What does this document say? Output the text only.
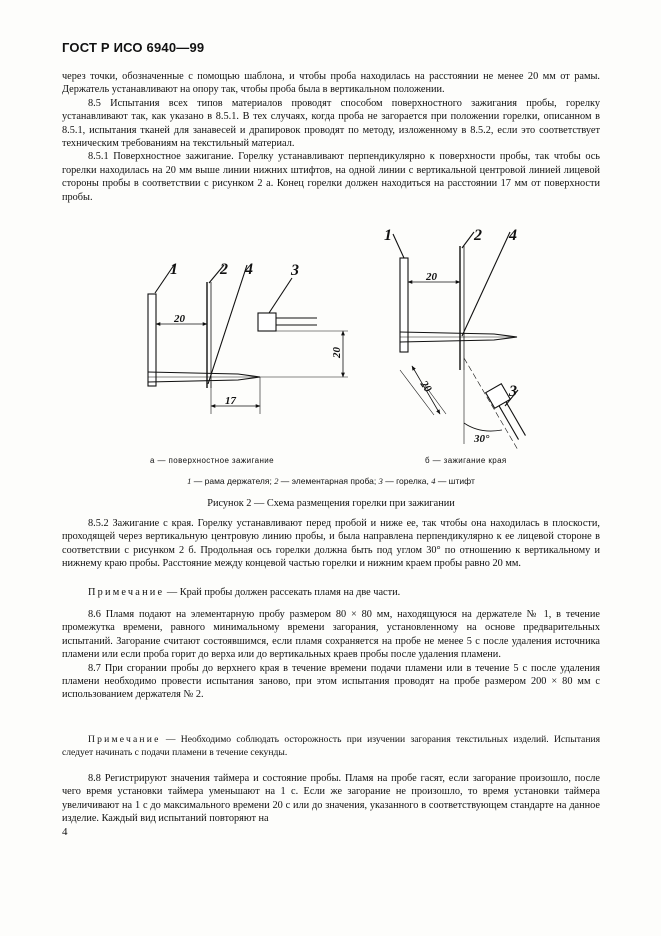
ГОСТ Р ИСО 6940—99

через точки, обозначенные с помощью шаблона, и чтобы проба находилась на расстоянии не менее 20 мм от рамы. Держатель устанавливают на опору так, чтобы проба была в вертикальном положении.

8.5 Испытания всех типов материалов проводят способом поверхностного зажигания пробы, горелку устанавливают так, как указано в 8.5.1. В тех случаях, когда проба не загорается при положении горелки, описанном в 8.5.1, испытания тканей для занавесей и драпировок проводят по методу, изложенному в 8.5.2, если это соответствует техническим требованиям на текстильный материал.

8.5.1 Поверхностное зажигание. Горелку устанавливают перпендикулярно к поверхности пробы, так чтобы ось горелки находилась на 20 мм выше линии нижних штифтов, на одной линии с вертикальной центровой линией лицевой стороны пробы в соответствии с рисунком 2 а. Конец горелки должен находиться на расстоянии 17 мм от поверхности пробы.

1	2 4 3
20
20
17
1	2 4
3
20
20
30°
а — поверхностное зажигание	б — зажигание края
1 — рама держателя; 2 — элементарная проба; 3 — горелка, 4 — штифт
Рисунок 2 — Схема размещения горелки при зажигании

8.5.2 Зажигание с края. Горелку устанавливают перед пробой и ниже ее, так чтобы она находилась в плоскости, проходящей через вертикальную центровую линию пробы, и была направлена перпендикулярно к ее лицевой стороне в соответствии с рисунком 2 б. Продольная ось горелки должна быть под углом 30° по отношению к вертикальному и нижнему краю пробы. Расстояние между концевой частью горелки и нижним краем пробы равно 20 мм.

Примечание — Край пробы должен рассекать пламя на две части.

8.6 Пламя подают на элементарную пробу размером 80 × 80 мм, находящуюся на держателе № 1, в течение промежутка времени, равного минимальному времени загорания, установленному на основе предварительных испытаний. Загорание считают состоявшимся, если пламя сохраняется на пробе не менее 5 с после удаления источника пламени или если проба горит до верха или до вертикальных краев пробы после удаления пламени.

8.7 При сгорании пробы до верхнего края в течение времени подачи пламени или в течение 5 с после удаления пламени необходимо провести испытания заново, при этом испытания проводят на пробе размером 200 × 80 мм с использованием держателя № 2.

Примечание — Необходимо соблюдать осторожность при изучении загорания текстильных изделий. Испытания следует начинать с подачи пламени в течение секунды.

8.8 Регистрируют значения таймера и состояние пробы. Пламя на пробе гасят, если загорание произошло, после чего время установки таймера уменьшают на 1 с. Если же загорание не произошло, то время установки таймера увеличивают на 1 с до максимального времени 20 с или до значения, указанного в соответствующем стандарте на данное изделие. Каждый вид испытаний повторяют на

4
